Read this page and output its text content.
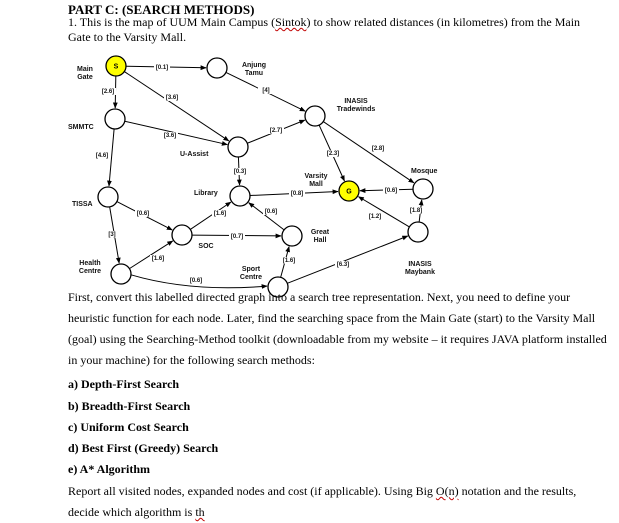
PART C: (SEARCH METHODS)
1. This is the map of UUM Main Campus (Sintok) to show related distances (in kilometres) from the Main Gate to the Varsity Mall.
[0.1]
[2.6]
[3.6]
[4]
[3.6]
[4.6]
[2.7]
[0.3]
[2.3]
[2.8]
[0.8]	[0.6]
[1.6]	[0.6]
[1.2]
[1.8]
[0.6]
[3]	[0.7]
[1.6]	[1.6]
[6.3]
[0.6]
S
Main
Gate
Anjung
Tamu
INASIS
Tradewinds
SMMTC
U-Assist
Mosque
G
Varsity
Mall
Library
TISSA
SOC
Great
Hall
INASIS
Maybank
Health
Centre	Sport
Centre

First, convert this labelled directed graph into a search tree representation. Next, you need to define your heuristic function for each node. Later, find the searching space from the Main Gate (start) to the Varsity Mall (goal) using the Searching-Method toolkit (downloadable from my website – it requires JAVA platform installed in your machine) for the following search methods:

a) Depth-First Search

b) Breadth-First Search

c) Uniform Cost Search

d) Best First (Greedy) Search

e) A* Algorithm

Report all visited nodes, expanded nodes and cost (if applicable). Using Big O(n) notation and the results, decide which algorithm is th
